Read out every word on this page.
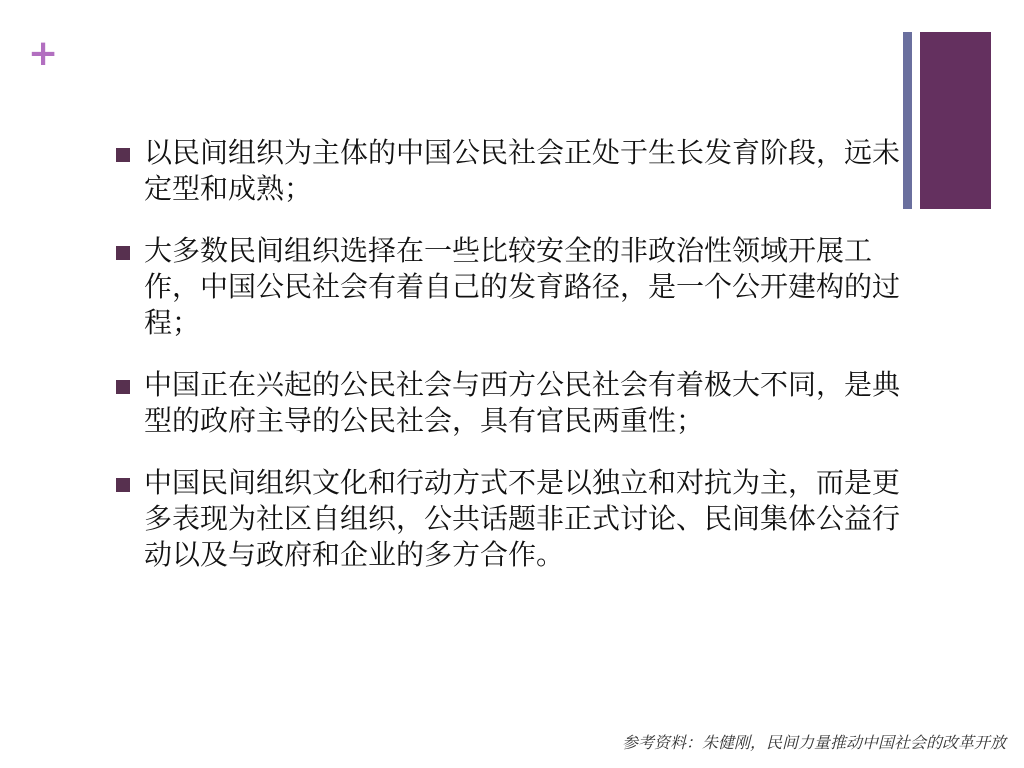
+
以民间组织为主体的中国公民社会正处于生长发育阶段，远未定型和成熟；
大多数民间组织选择在一些比较安全的非政治性领域开展工作，中国公民社会有着自己的发育路径，是一个公开建构的过程；
中国正在兴起的公民社会与西方公民社会有着极大不同，是典型的政府主导的公民社会，具有官民两重性；
中国民间组织文化和行动方式不是以独立和对抗为主，而是更多表现为社区自组织，公共话题非正式讨论、民间集体公益行动以及与政府和企业的多方合作。
参考资料：朱健刚，民间力量推动中国社会的改革开放
